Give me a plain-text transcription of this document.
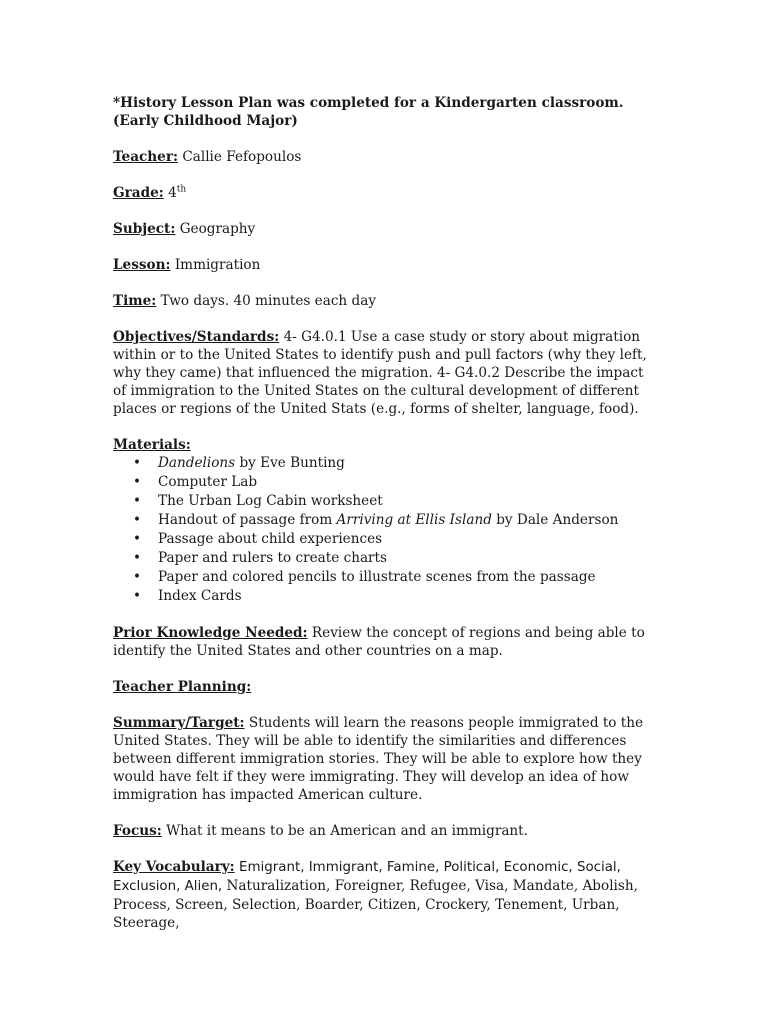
*History Lesson Plan was completed for a Kindergarten classroom. (Early Childhood Major)
Teacher: Callie Fefopoulos
Grade: 4th
Subject: Geography
Lesson: Immigration
Time: Two days. 40 minutes each day
Objectives/Standards: 4- G4.0.1 Use a case study or story about migration within or to the United States to identify push and pull factors (why they left, why they came) that influenced the migration. 4- G4.0.2 Describe the impact of immigration to the United States on the cultural development of different places or regions of the United Stats (e.g., forms of shelter, language, food).
Materials:
• Dandelions by Eve Bunting
• Computer Lab
• The Urban Log Cabin worksheet
• Handout of passage from Arriving at Ellis Island by Dale Anderson
• Passage about child experiences
• Paper and rulers to create charts
• Paper and colored pencils to illustrate scenes from the passage
• Index Cards
Prior Knowledge Needed: Review the concept of regions and being able to identify the United States and other countries on a map.
Teacher Planning:
Summary/Target: Students will learn the reasons people immigrated to the United States. They will be able to identify the similarities and differences between different immigration stories. They will be able to explore how they would have felt if they were immigrating. They will develop an idea of how immigration has impacted American culture.
Focus: What it means to be an American and an immigrant.
Key Vocabulary: Emigrant, Immigrant, Famine, Political, Economic, Social, Exclusion, Alien, Naturalization, Foreigner, Refugee, Visa, Mandate, Abolish, Process, Screen, Selection, Boarder, Citizen, Crockery, Tenement, Urban, Steerage,
